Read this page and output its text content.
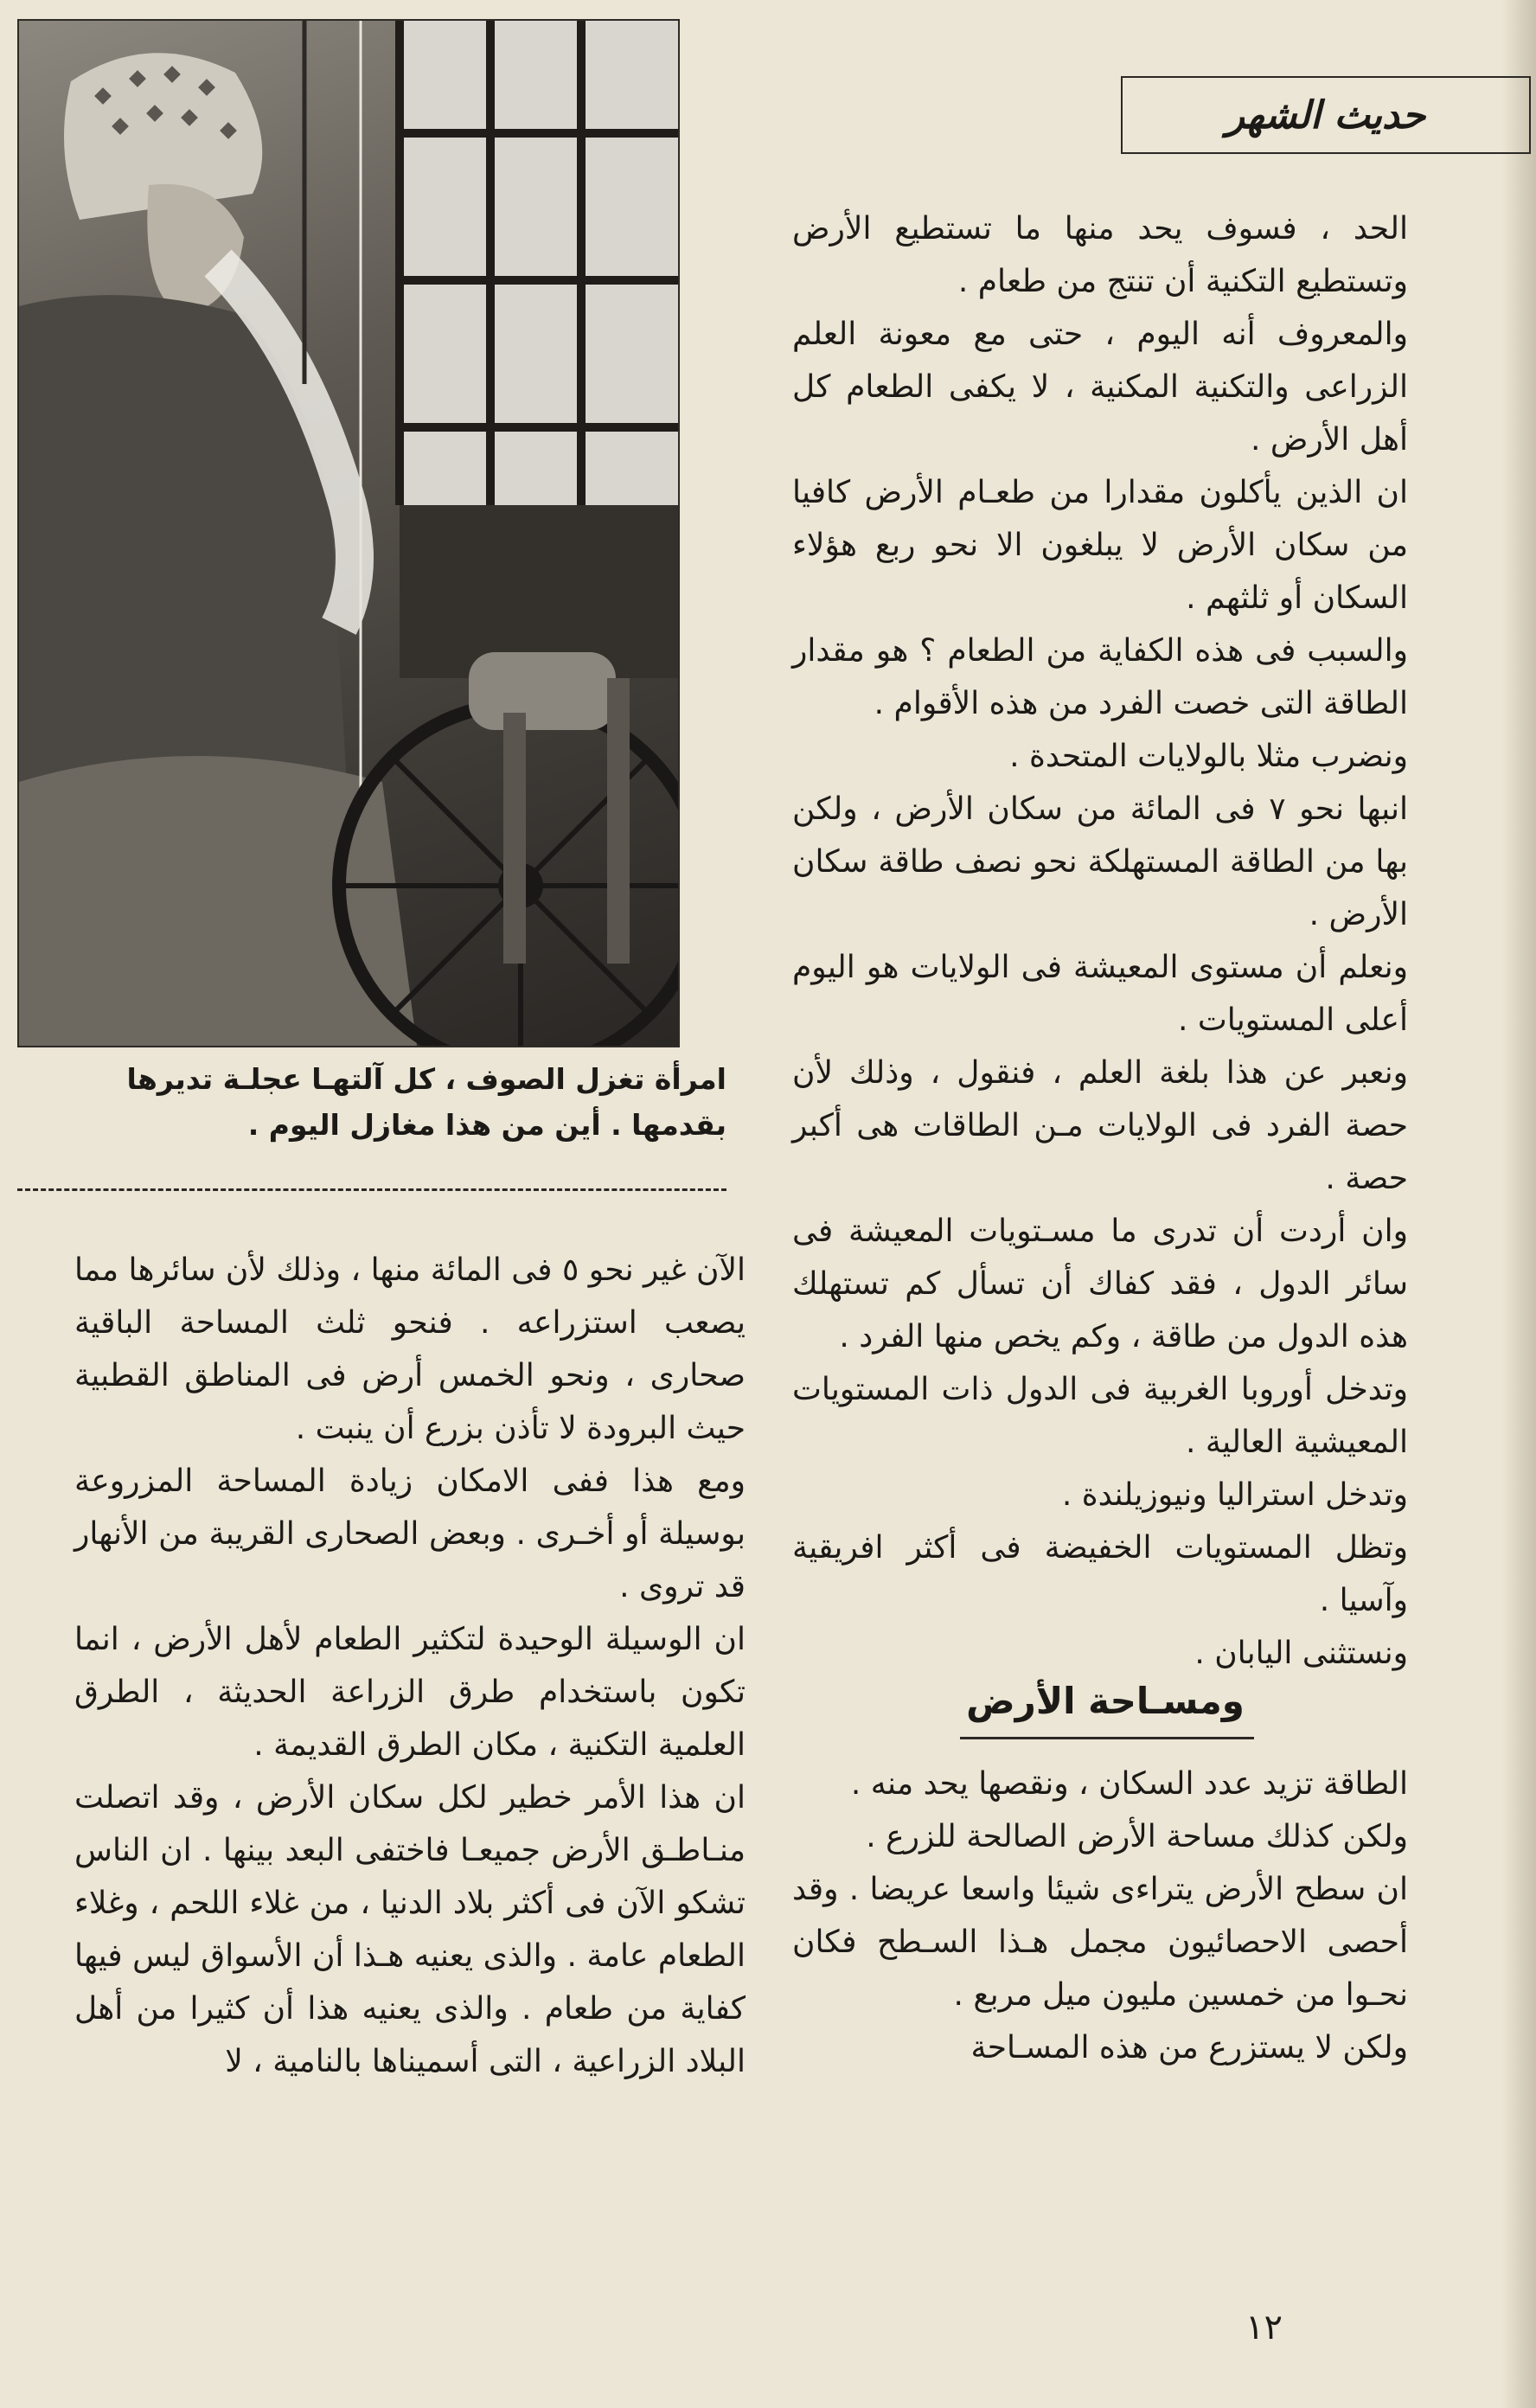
امرأة تغزل الصوف ، كل آلتهـا عجلـة تديرها
بقدمها . أين من هذا مغازل اليوم .
حديث الشهر

الحد ، فسوف يحد منها ما تستطيع الأرض وتستطيع التكنية أن تنتج من طعام .

والمعروف أنه اليوم ، حتى مع معونة العلم الزراعى والتكنية المكنية ، لا يكفى الطعام كل أهل الأرض .

ان الذين يأكلون مقدارا من طعـام الأرض كافيا من سكان الأرض لا يبلغون الا نحو ربع هؤلاء السكان أو ثلثهم .

والسبب فى هذه الكفاية من الطعام ؟ هو مقدار الطاقة التى خصت الفرد من هذه الأقوام .

ونضرب مثلا بالولايات المتحدة .

انبها نحو ٧ فى المائة من سكان الأرض ، ولكن بها من الطاقة المستهلكة نحو نصف طاقة سكان الأرض .

ونعلم أن مستوى المعيشة فى الولايات هو اليوم أعلى المستويات .

ونعبر عن هذا بلغة العلم ، فنقول ، وذلك لأن حصة الفرد فى الولايات مـن الطاقات هى أكبر حصة .

وان أردت أن تدرى ما مسـتويات المعيشة فى سائر الدول ، فقد كفاك أن تسأل كم تستهلك هذه الدول من طاقة ، وكم يخص منها الفرد .

وتدخل أوروبا الغربية فى الدول ذات المستويات المعيشية العالية .

وتدخل استراليا ونيوزيلندة .

وتظل المستويات الخفيضة فى أكثر افريقية وآسيا .

ونستثنى اليابان .

ومسـاحة الأرض

الطاقة تزيد عدد السكان ، ونقصها يحد منه .

ولكن كذلك مساحة الأرض الصالحة للزرع .

ان سطح الأرض يتراءى شيئا واسعا عريضا . وقد أحصى الاحصائيون مجمل هـذا السـطح فكان نحـوا من خمسين مليون ميل مربع .

ولكن لا يستزرع من هذه المسـاحة

الآن غير نحو ٥ فى المائة منها ، وذلك لأن سائرها مما يصعب استزراعه . فنحو ثلث المساحة الباقية صحارى ، ونحو الخمس أرض فى المناطق القطبية حيث البرودة لا تأذن بزرع أن ينبت .

ومع هذا ففى الامكان زيادة المساحة المزروعة بوسيلة أو أخـرى . وبعض الصحارى القريبة من الأنهار قد تروى .

ان الوسيلة الوحيدة لتكثير الطعام لأهل الأرض ، انما تكون باستخدام طرق الزراعة الحديثة ، الطرق العلمية التكنية ، مكان الطرق القديمة .

ان هذا الأمر خطير لكل سكان الأرض ، وقد اتصلت منـاطـق الأرض جميعـا فاختفى البعد بينها . ان الناس تشكو الآن فى أكثر بلاد الدنيا ، من غلاء اللحم ، وغلاء الطعام عامة . والذى يعنيه هـذا أن الأسواق ليس فيها كفاية من طعام . والذى يعنيه هذا أن كثيرا من أهل البلاد الزراعية ، التى أسميناها بالنامية ، لا

١٢
